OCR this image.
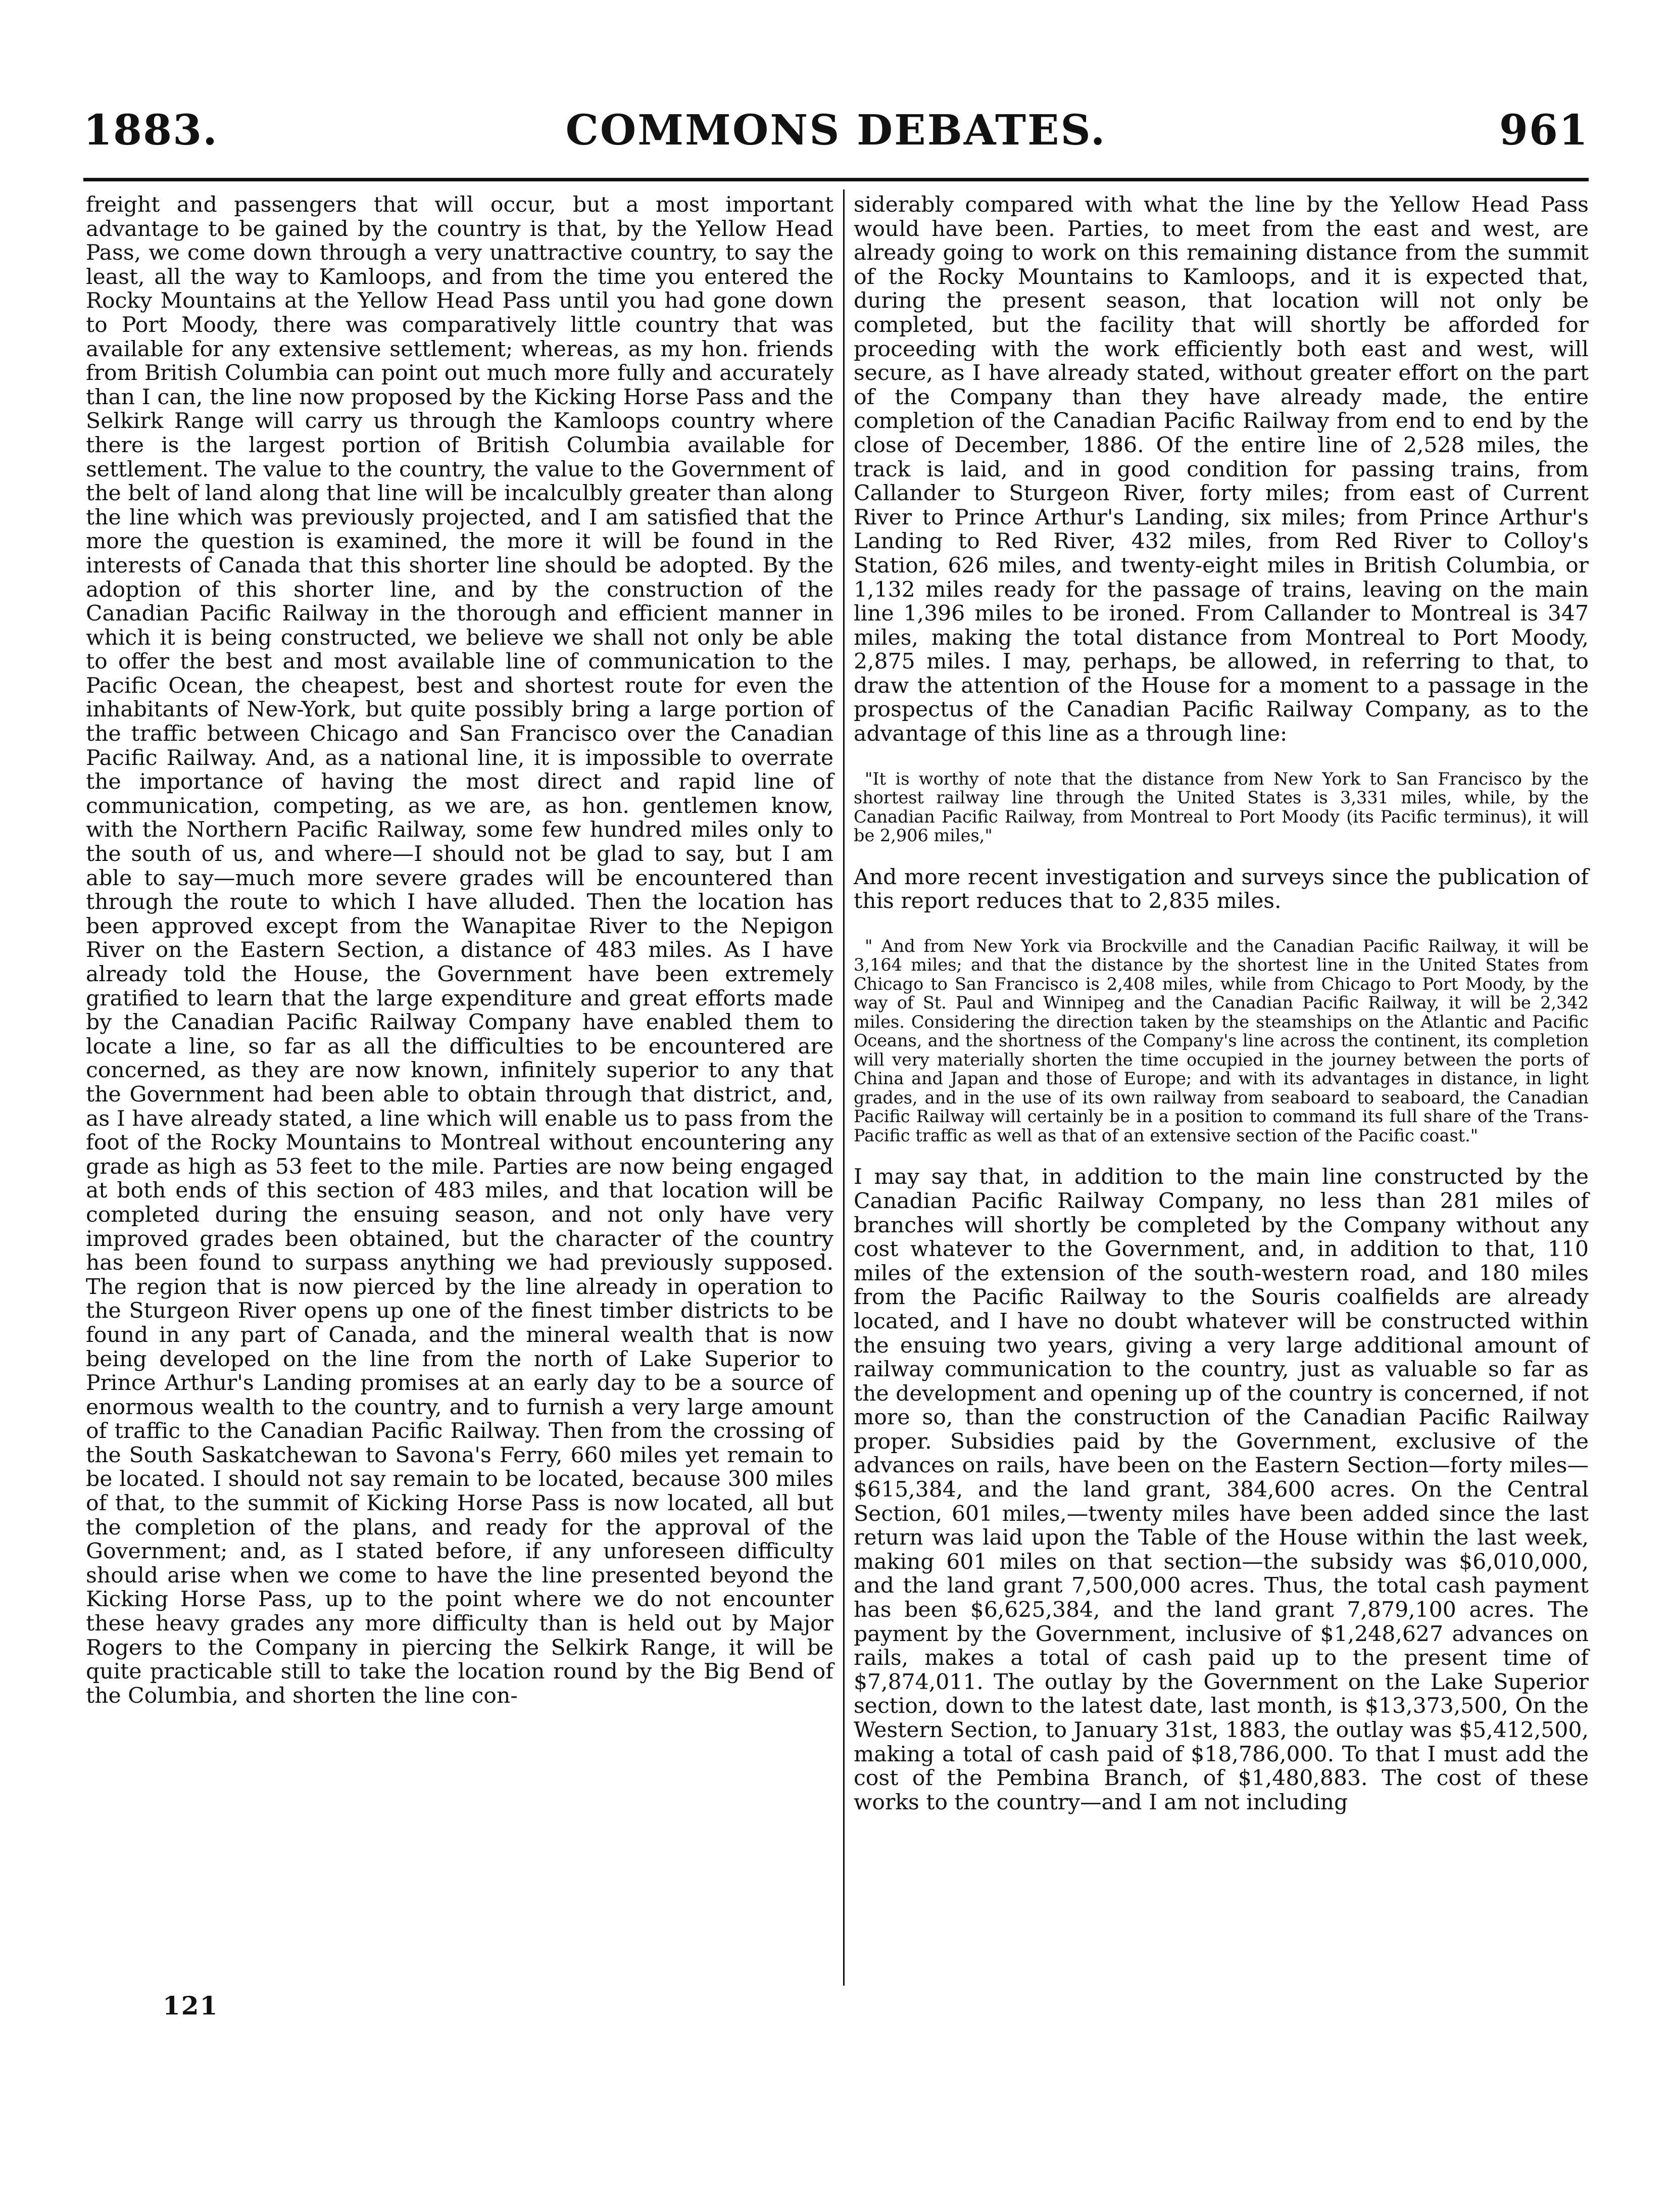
1883.	COMMONS DEBATES.	961

freight and passengers that will occur, but a most important advantage to be gained by the country is that, by the Yellow Head Pass, we come down through a very unattractive country, to say the least, all the way to Kamloops, and from the time you entered the Rocky Mountains at the Yellow Head Pass until you had gone down to Port Moody, there was comparatively little country that was available for any extensive settlement; whereas, as my hon. friends from British Columbia can point out much more fully and accurately than I can, the line now proposed by the Kicking Horse Pass and the Selkirk Range will carry us through the Kamloops country where there is the largest portion of British Columbia available for settlement. The value to the country, the value to the Government of the belt of land along that line will be incalculbly greater than along the line which was previously projected, and I am satisfied that the more the question is examined, the more it will be found in the interests of Canada that this shorter line should be adopted. By the adoption of this shorter line, and by the construction of the Canadian Pacific Railway in the thorough and efficient manner in which it is being constructed, we believe we shall not only be able to offer the best and most available line of communication to the Pacific Ocean, the cheapest, best and shortest route for even the inhabitants of New-York, but quite possibly bring a large portion of the traffic between Chicago and San Francisco over the Canadian Pacific Railway. And, as a national line, it is impossible to overrate the importance of having the most direct and rapid line of communication, competing, as we are, as hon. gentlemen know, with the Northern Pacific Railway, some few hundred miles only to the south of us, and where—I should not be glad to say, but I am able to say—much more severe grades will be encountered than through the route to which I have alluded. Then the location has been approved except from the Wanapitae River to the Nepigon River on the Eastern Section, a distance of 483 miles. As I have already told the House, the Government have been extremely gratified to learn that the large expenditure and great efforts made by the Canadian Pacific Railway Company have enabled them to locate a line, so far as all the difficulties to be encountered are concerned, as they are now known, infinitely superior to any that the Government had been able to obtain through that district, and, as I have already stated, a line which will enable us to pass from the foot of the Rocky Mountains to Montreal without encountering any grade as high as 53 feet to the mile. Parties are now being engaged at both ends of this section of 483 miles, and that location will be completed during the ensuing season, and not only have very improved grades been obtained, but the character of the country has been found to surpass anything we had previously supposed. The region that is now pierced by the line already in operation to the Sturgeon River opens up one of the finest timber districts to be found in any part of Canada, and the mineral wealth that is now being developed on the line from the north of Lake Superior to Prince Arthur's Landing promises at an early day to be a source of enormous wealth to the country, and to furnish a very large amount of traffic to the Canadian Pacific Railway. Then from the crossing of the South Saskatchewan to Savona's Ferry, 660 miles yet remain to be located. I should not say remain to be located, because 300 miles of that, to the summit of Kicking Horse Pass is now located, all but the completion of the plans, and ready for the approval of the Government; and, as I stated before, if any unforeseen difficulty should arise when we come to have the line presented beyond the Kicking Horse Pass, up to the point where we do not encounter these heavy grades any more difficulty than is held out by Major Rogers to the Company in piercing the Selkirk Range, it will be quite practicable still to take the location round by the Big Bend of the Columbia, and shorten the line con-

siderably compared with what the line by the Yellow Head Pass would have been. Parties, to meet from the east and west, are already going to work on this remaining distance from the summit of the Rocky Mountains to Kamloops, and it is expected that, during the present season, that location will not only be completed, but the facility that will shortly be afforded for proceeding with the work efficiently both east and west, will secure, as I have already stated, without greater effort on the part of the Company than they have already made, the entire completion of the Canadian Pacific Railway from end to end by the close of December, 1886. Of the entire line of 2,528 miles, the track is laid, and in good condition for passing trains, from Callander to Sturgeon River, forty miles; from east of Current River to Prince Arthur's Landing, six miles; from Prince Arthur's Landing to Red River, 432 miles, from Red River to Colloy's Station, 626 miles, and twenty-eight miles in British Columbia, or 1,132 miles ready for the passage of trains, leaving on the main line 1,396 miles to be ironed. From Callander to Montreal is 347 miles, making the total distance from Montreal to Port Moody, 2,875 miles. I may, perhaps, be allowed, in referring to that, to draw the attention of the House for a moment to a passage in the prospectus of the Canadian Pacific Railway Company, as to the advantage of this line as a through line:

"It is worthy of note that the distance from New York to San Francisco by the shortest railway line through the United States is 3,331 miles, while, by the Canadian Pacific Railway, from Montreal to Port Moody (its Pacific terminus), it will be 2,906 miles,"

And more recent investigation and surveys since the publication of this report reduces that to 2,835 miles.

" And from New York via Brockville and the Canadian Pacific Railway, it will be 3,164 miles; and that the distance by the shortest line in the United States from Chicago to San Francisco is 2,408 miles, while from Chicago to Port Moody, by the way of St. Paul and Winnipeg and the Canadian Pacific Railway, it will be 2,342 miles. Considering the direction taken by the steamships on the Atlantic and Pacific Oceans, and the shortness of the Company's line across the continent, its completion will very materially shorten the time occupied in the journey between the ports of China and Japan and those of Europe; and with its advantages in distance, in light grades, and in the use of its own railway from seaboard to seaboard, the Canadian Pacific Railway will certainly be in a position to command its full share of the Trans-Pacific traffic as well as that of an extensive section of the Pacific coast."

I may say that, in addition to the main line constructed by the Canadian Pacific Railway Company, no less than 281 miles of branches will shortly be completed by the Company without any cost whatever to the Government, and, in addition to that, 110 miles of the extension of the south-western road, and 180 miles from the Pacific Railway to the Souris coalfields are already located, and I have no doubt whatever will be constructed within the ensuing two years, giving a very large additional amount of railway communication to the country, just as valuable so far as the development and opening up of the country is concerned, if not more so, than the construction of the Canadian Pacific Railway proper. Subsidies paid by the Government, exclusive of the advances on rails, have been on the Eastern Section—forty miles—$615,384, and the land grant, 384,600 acres. On the Central Section, 601 miles,—twenty miles have been added since the last return was laid upon the Table of the House within the last week, making 601 miles on that section—the subsidy was $6,010,000, and the land grant 7,500,000 acres. Thus, the total cash payment has been $6,625,384, and the land grant 7,879,100 acres. The payment by the Government, inclusive of $1,248,627 advances on rails, makes a total of cash paid up to the present time of $7,874,011. The outlay by the Government on the Lake Superior section, down to the latest date, last month, is $13,373,500, On the Western Section, to January 31st, 1883, the outlay was $5,412,500, making a total of cash paid of $18,786,000. To that I must add the cost of the Pembina Branch, of $1,480,883. The cost of these works to the country—and I am not including

121
